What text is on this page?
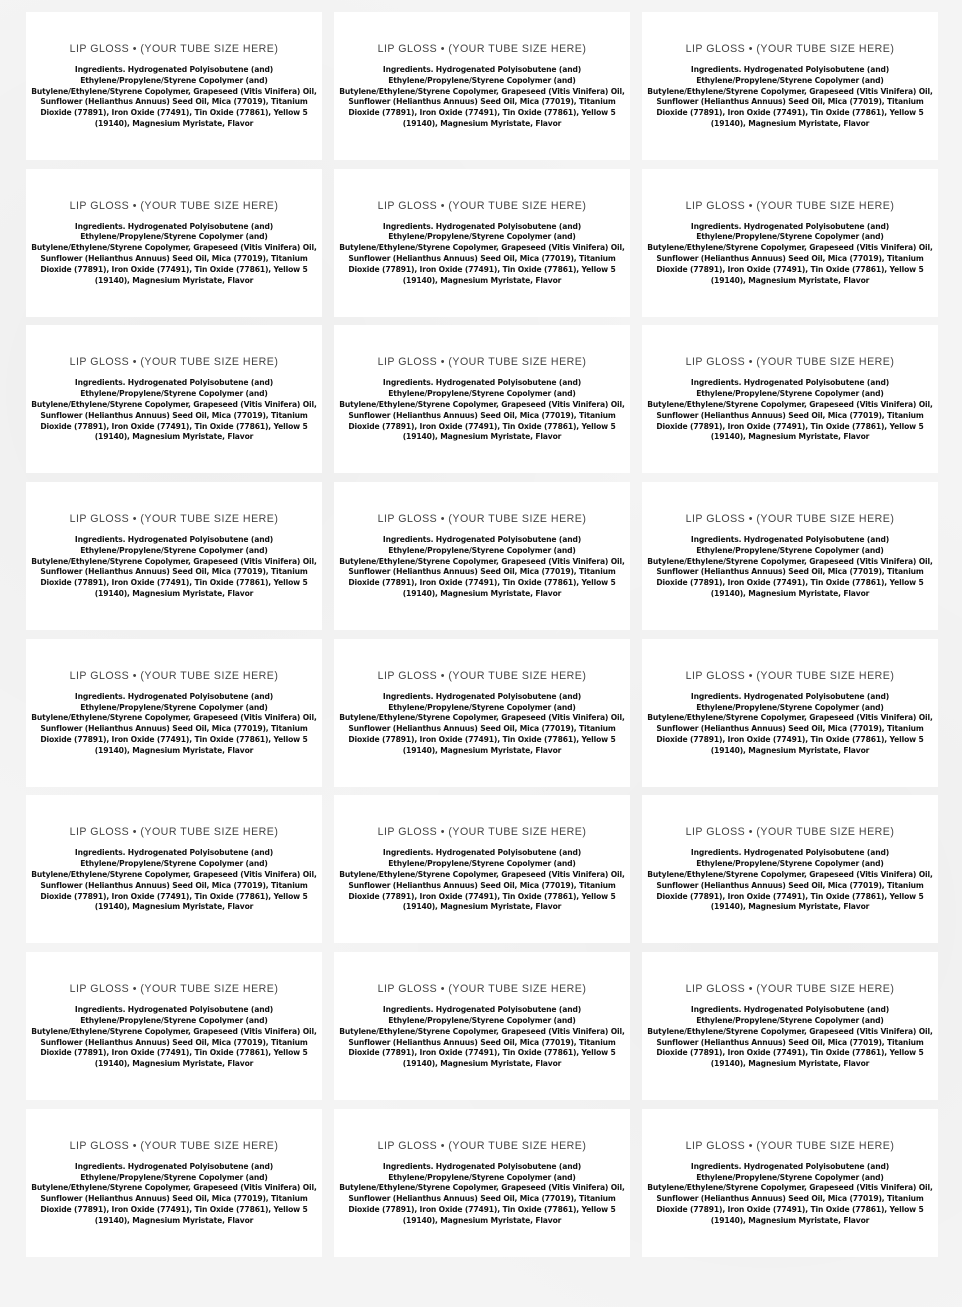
LIP GLOSS • (YOUR TUBE SIZE HERE)
Ingredients. Hydrogenated Polyisobutene (and)
Ethylene/Propylene/Styrene Copolymer (and)
Butylene/Ethylene/Styrene Copolymer, Grapeseed (Vitis Vinifera) Oil,
Sunflower (Helianthus Annuus) Seed Oil, Mica (77019), Titanium
Dioxide (77891), Iron Oxide (77491), Tin Oxide (77861), Yellow 5
(19140), Magnesium Myristate, Flavor
LIP GLOSS • (YOUR TUBE SIZE HERE)
Ingredients. Hydrogenated Polyisobutene (and)
Ethylene/Propylene/Styrene Copolymer (and)
Butylene/Ethylene/Styrene Copolymer, Grapeseed (Vitis Vinifera) Oil,
Sunflower (Helianthus Annuus) Seed Oil, Mica (77019), Titanium
Dioxide (77891), Iron Oxide (77491), Tin Oxide (77861), Yellow 5
(19140), Magnesium Myristate, Flavor
LIP GLOSS • (YOUR TUBE SIZE HERE)
Ingredients. Hydrogenated Polyisobutene (and)
Ethylene/Propylene/Styrene Copolymer (and)
Butylene/Ethylene/Styrene Copolymer, Grapeseed (Vitis Vinifera) Oil,
Sunflower (Helianthus Annuus) Seed Oil, Mica (77019), Titanium
Dioxide (77891), Iron Oxide (77491), Tin Oxide (77861), Yellow 5
(19140), Magnesium Myristate, Flavor
LIP GLOSS • (YOUR TUBE SIZE HERE)
Ingredients. Hydrogenated Polyisobutene (and)
Ethylene/Propylene/Styrene Copolymer (and)
Butylene/Ethylene/Styrene Copolymer, Grapeseed (Vitis Vinifera) Oil,
Sunflower (Helianthus Annuus) Seed Oil, Mica (77019), Titanium
Dioxide (77891), Iron Oxide (77491), Tin Oxide (77861), Yellow 5
(19140), Magnesium Myristate, Flavor
LIP GLOSS • (YOUR TUBE SIZE HERE)
Ingredients. Hydrogenated Polyisobutene (and)
Ethylene/Propylene/Styrene Copolymer (and)
Butylene/Ethylene/Styrene Copolymer, Grapeseed (Vitis Vinifera) Oil,
Sunflower (Helianthus Annuus) Seed Oil, Mica (77019), Titanium
Dioxide (77891), Iron Oxide (77491), Tin Oxide (77861), Yellow 5
(19140), Magnesium Myristate, Flavor
LIP GLOSS • (YOUR TUBE SIZE HERE)
Ingredients. Hydrogenated Polyisobutene (and)
Ethylene/Propylene/Styrene Copolymer (and)
Butylene/Ethylene/Styrene Copolymer, Grapeseed (Vitis Vinifera) Oil,
Sunflower (Helianthus Annuus) Seed Oil, Mica (77019), Titanium
Dioxide (77891), Iron Oxide (77491), Tin Oxide (77861), Yellow 5
(19140), Magnesium Myristate, Flavor
LIP GLOSS • (YOUR TUBE SIZE HERE)
Ingredients. Hydrogenated Polyisobutene (and)
Ethylene/Propylene/Styrene Copolymer (and)
Butylene/Ethylene/Styrene Copolymer, Grapeseed (Vitis Vinifera) Oil,
Sunflower (Helianthus Annuus) Seed Oil, Mica (77019), Titanium
Dioxide (77891), Iron Oxide (77491), Tin Oxide (77861), Yellow 5
(19140), Magnesium Myristate, Flavor
LIP GLOSS • (YOUR TUBE SIZE HERE)
Ingredients. Hydrogenated Polyisobutene (and)
Ethylene/Propylene/Styrene Copolymer (and)
Butylene/Ethylene/Styrene Copolymer, Grapeseed (Vitis Vinifera) Oil,
Sunflower (Helianthus Annuus) Seed Oil, Mica (77019), Titanium
Dioxide (77891), Iron Oxide (77491), Tin Oxide (77861), Yellow 5
(19140), Magnesium Myristate, Flavor
LIP GLOSS • (YOUR TUBE SIZE HERE)
Ingredients. Hydrogenated Polyisobutene (and)
Ethylene/Propylene/Styrene Copolymer (and)
Butylene/Ethylene/Styrene Copolymer, Grapeseed (Vitis Vinifera) Oil,
Sunflower (Helianthus Annuus) Seed Oil, Mica (77019), Titanium
Dioxide (77891), Iron Oxide (77491), Tin Oxide (77861), Yellow 5
(19140), Magnesium Myristate, Flavor
LIP GLOSS • (YOUR TUBE SIZE HERE)
Ingredients. Hydrogenated Polyisobutene (and)
Ethylene/Propylene/Styrene Copolymer (and)
Butylene/Ethylene/Styrene Copolymer, Grapeseed (Vitis Vinifera) Oil,
Sunflower (Helianthus Annuus) Seed Oil, Mica (77019), Titanium
Dioxide (77891), Iron Oxide (77491), Tin Oxide (77861), Yellow 5
(19140), Magnesium Myristate, Flavor
LIP GLOSS • (YOUR TUBE SIZE HERE)
Ingredients. Hydrogenated Polyisobutene (and)
Ethylene/Propylene/Styrene Copolymer (and)
Butylene/Ethylene/Styrene Copolymer, Grapeseed (Vitis Vinifera) Oil,
Sunflower (Helianthus Annuus) Seed Oil, Mica (77019), Titanium
Dioxide (77891), Iron Oxide (77491), Tin Oxide (77861), Yellow 5
(19140), Magnesium Myristate, Flavor
LIP GLOSS • (YOUR TUBE SIZE HERE)
Ingredients. Hydrogenated Polyisobutene (and)
Ethylene/Propylene/Styrene Copolymer (and)
Butylene/Ethylene/Styrene Copolymer, Grapeseed (Vitis Vinifera) Oil,
Sunflower (Helianthus Annuus) Seed Oil, Mica (77019), Titanium
Dioxide (77891), Iron Oxide (77491), Tin Oxide (77861), Yellow 5
(19140), Magnesium Myristate, Flavor
LIP GLOSS • (YOUR TUBE SIZE HERE)
Ingredients. Hydrogenated Polyisobutene (and)
Ethylene/Propylene/Styrene Copolymer (and)
Butylene/Ethylene/Styrene Copolymer, Grapeseed (Vitis Vinifera) Oil,
Sunflower (Helianthus Annuus) Seed Oil, Mica (77019), Titanium
Dioxide (77891), Iron Oxide (77491), Tin Oxide (77861), Yellow 5
(19140), Magnesium Myristate, Flavor
LIP GLOSS • (YOUR TUBE SIZE HERE)
Ingredients. Hydrogenated Polyisobutene (and)
Ethylene/Propylene/Styrene Copolymer (and)
Butylene/Ethylene/Styrene Copolymer, Grapeseed (Vitis Vinifera) Oil,
Sunflower (Helianthus Annuus) Seed Oil, Mica (77019), Titanium
Dioxide (77891), Iron Oxide (77491), Tin Oxide (77861), Yellow 5
(19140), Magnesium Myristate, Flavor
LIP GLOSS • (YOUR TUBE SIZE HERE)
Ingredients. Hydrogenated Polyisobutene (and)
Ethylene/Propylene/Styrene Copolymer (and)
Butylene/Ethylene/Styrene Copolymer, Grapeseed (Vitis Vinifera) Oil,
Sunflower (Helianthus Annuus) Seed Oil, Mica (77019), Titanium
Dioxide (77891), Iron Oxide (77491), Tin Oxide (77861), Yellow 5
(19140), Magnesium Myristate, Flavor
LIP GLOSS • (YOUR TUBE SIZE HERE)
Ingredients. Hydrogenated Polyisobutene (and)
Ethylene/Propylene/Styrene Copolymer (and)
Butylene/Ethylene/Styrene Copolymer, Grapeseed (Vitis Vinifera) Oil,
Sunflower (Helianthus Annuus) Seed Oil, Mica (77019), Titanium
Dioxide (77891), Iron Oxide (77491), Tin Oxide (77861), Yellow 5
(19140), Magnesium Myristate, Flavor
LIP GLOSS • (YOUR TUBE SIZE HERE)
Ingredients. Hydrogenated Polyisobutene (and)
Ethylene/Propylene/Styrene Copolymer (and)
Butylene/Ethylene/Styrene Copolymer, Grapeseed (Vitis Vinifera) Oil,
Sunflower (Helianthus Annuus) Seed Oil, Mica (77019), Titanium
Dioxide (77891), Iron Oxide (77491), Tin Oxide (77861), Yellow 5
(19140), Magnesium Myristate, Flavor
LIP GLOSS • (YOUR TUBE SIZE HERE)
Ingredients. Hydrogenated Polyisobutene (and)
Ethylene/Propylene/Styrene Copolymer (and)
Butylene/Ethylene/Styrene Copolymer, Grapeseed (Vitis Vinifera) Oil,
Sunflower (Helianthus Annuus) Seed Oil, Mica (77019), Titanium
Dioxide (77891), Iron Oxide (77491), Tin Oxide (77861), Yellow 5
(19140), Magnesium Myristate, Flavor
LIP GLOSS • (YOUR TUBE SIZE HERE)
Ingredients. Hydrogenated Polyisobutene (and)
Ethylene/Propylene/Styrene Copolymer (and)
Butylene/Ethylene/Styrene Copolymer, Grapeseed (Vitis Vinifera) Oil,
Sunflower (Helianthus Annuus) Seed Oil, Mica (77019), Titanium
Dioxide (77891), Iron Oxide (77491), Tin Oxide (77861), Yellow 5
(19140), Magnesium Myristate, Flavor
LIP GLOSS • (YOUR TUBE SIZE HERE)
Ingredients. Hydrogenated Polyisobutene (and)
Ethylene/Propylene/Styrene Copolymer (and)
Butylene/Ethylene/Styrene Copolymer, Grapeseed (Vitis Vinifera) Oil,
Sunflower (Helianthus Annuus) Seed Oil, Mica (77019), Titanium
Dioxide (77891), Iron Oxide (77491), Tin Oxide (77861), Yellow 5
(19140), Magnesium Myristate, Flavor
LIP GLOSS • (YOUR TUBE SIZE HERE)
Ingredients. Hydrogenated Polyisobutene (and)
Ethylene/Propylene/Styrene Copolymer (and)
Butylene/Ethylene/Styrene Copolymer, Grapeseed (Vitis Vinifera) Oil,
Sunflower (Helianthus Annuus) Seed Oil, Mica (77019), Titanium
Dioxide (77891), Iron Oxide (77491), Tin Oxide (77861), Yellow 5
(19140), Magnesium Myristate, Flavor
LIP GLOSS • (YOUR TUBE SIZE HERE)
Ingredients. Hydrogenated Polyisobutene (and)
Ethylene/Propylene/Styrene Copolymer (and)
Butylene/Ethylene/Styrene Copolymer, Grapeseed (Vitis Vinifera) Oil,
Sunflower (Helianthus Annuus) Seed Oil, Mica (77019), Titanium
Dioxide (77891), Iron Oxide (77491), Tin Oxide (77861), Yellow 5
(19140), Magnesium Myristate, Flavor
LIP GLOSS • (YOUR TUBE SIZE HERE)
Ingredients. Hydrogenated Polyisobutene (and)
Ethylene/Propylene/Styrene Copolymer (and)
Butylene/Ethylene/Styrene Copolymer, Grapeseed (Vitis Vinifera) Oil,
Sunflower (Helianthus Annuus) Seed Oil, Mica (77019), Titanium
Dioxide (77891), Iron Oxide (77491), Tin Oxide (77861), Yellow 5
(19140), Magnesium Myristate, Flavor
LIP GLOSS • (YOUR TUBE SIZE HERE)
Ingredients. Hydrogenated Polyisobutene (and)
Ethylene/Propylene/Styrene Copolymer (and)
Butylene/Ethylene/Styrene Copolymer, Grapeseed (Vitis Vinifera) Oil,
Sunflower (Helianthus Annuus) Seed Oil, Mica (77019), Titanium
Dioxide (77891), Iron Oxide (77491), Tin Oxide (77861), Yellow 5
(19140), Magnesium Myristate, Flavor
